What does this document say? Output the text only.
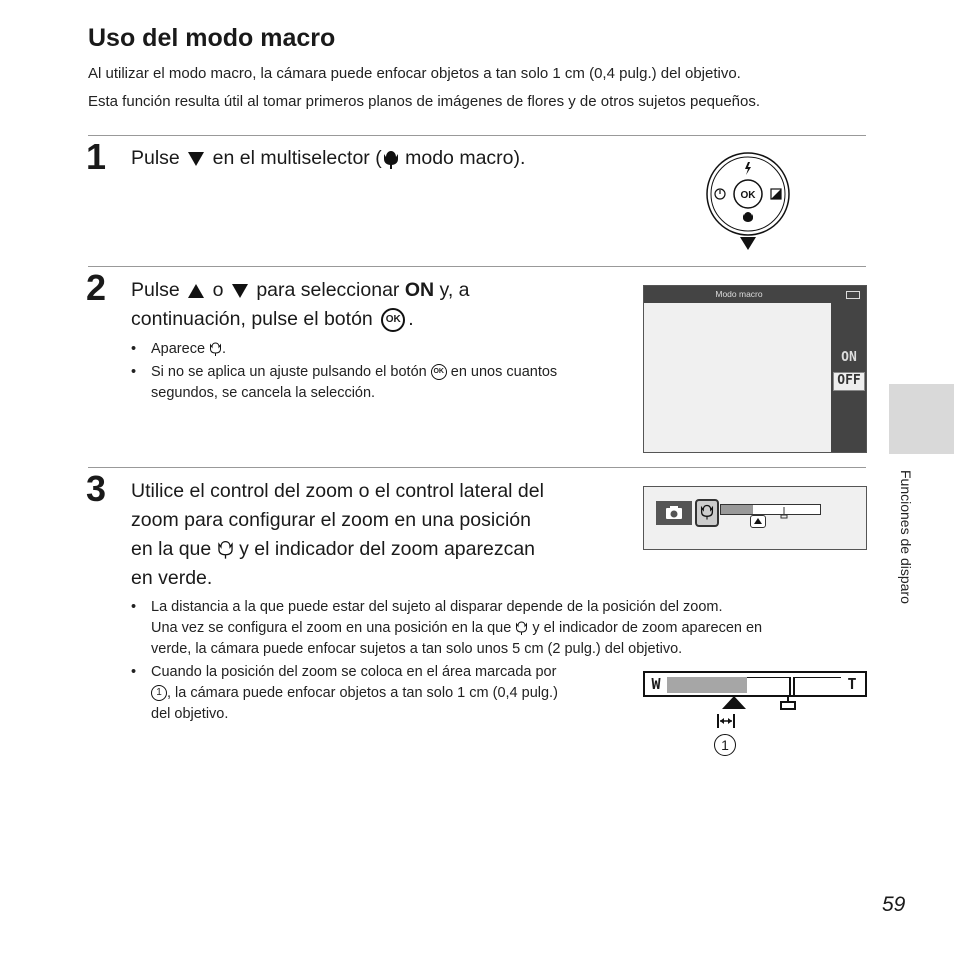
Uso del modo macro
Al utilizar el modo macro, la cámara puede enfocar objetos a tan solo 1 cm (0,4 pulg.) del objetivo.
Esta función resulta útil al tomar primeros planos de imágenes de flores y de otros sujetos pequeños.
1 Pulse en el multiselector ( modo macro).
OK
2 Pulse o para seleccionar ON y, a
continuación, pulse el botón OK .
• Aparece .
• Si no se aplica un ajuste pulsando el botón OK en unos cuantos
segundos, se cancela la selección.
Modo macro
ON
OFF
3 Utilice el control del zoom o el control lateral del
zoom para configurar el zoom en una posición
en la que y el indicador del zoom aparezcan
en verde.
• La distancia a la que puede estar del sujeto al disparar depende de la posición del zoom.
Una vez se configura el zoom en una posición en la que y el indicador de zoom aparecen en
verde, la cámara puede enfocar sujetos a tan solo unos 5 cm (2 pulg.) del objetivo.
• Cuando la posición del zoom se coloca en el área marcada por
1 , la cámara puede enfocar objetos a tan solo 1 cm (0,4 pulg.)
del objetivo.
W	T
1
Funciones de disparo
59
